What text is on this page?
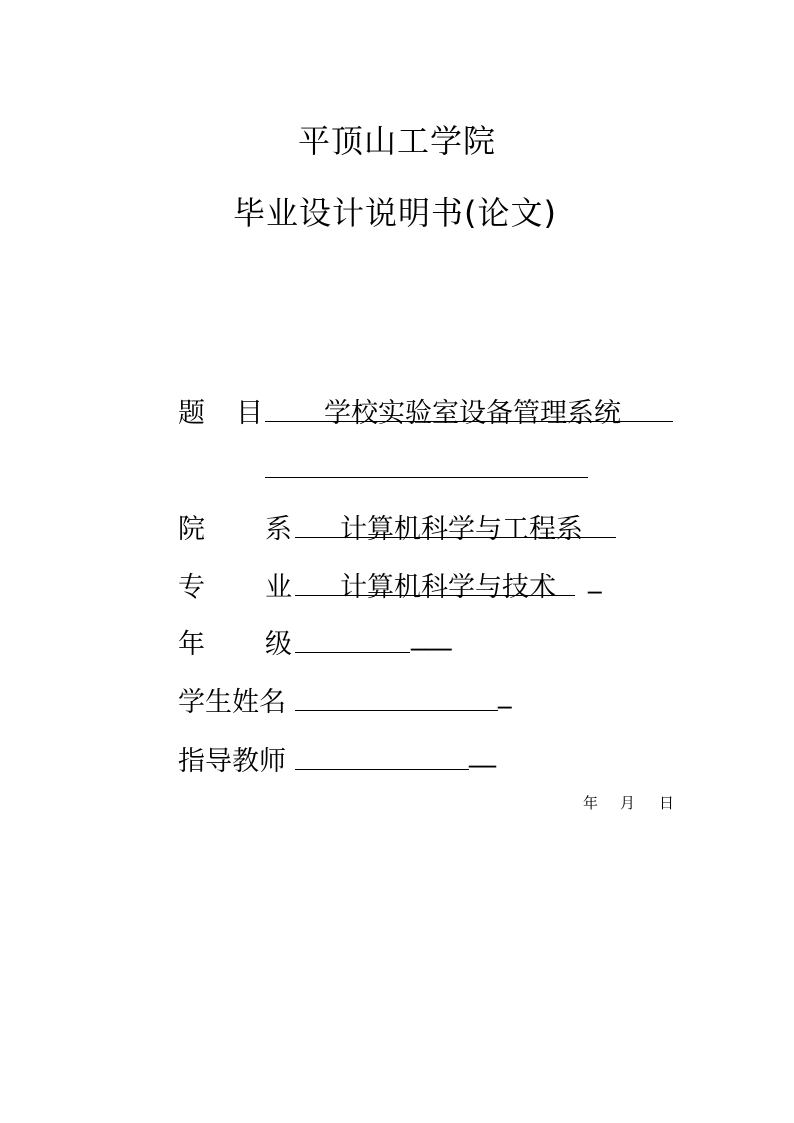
平顶山工学院
毕业设计说明书(论文)
题 目 学校实验室设备管理系统
院 系 计算机科学与工程系
专 业 计算机科学与技术 _
年 级	___
学生姓名	_
指导教师	__
年 月 日
